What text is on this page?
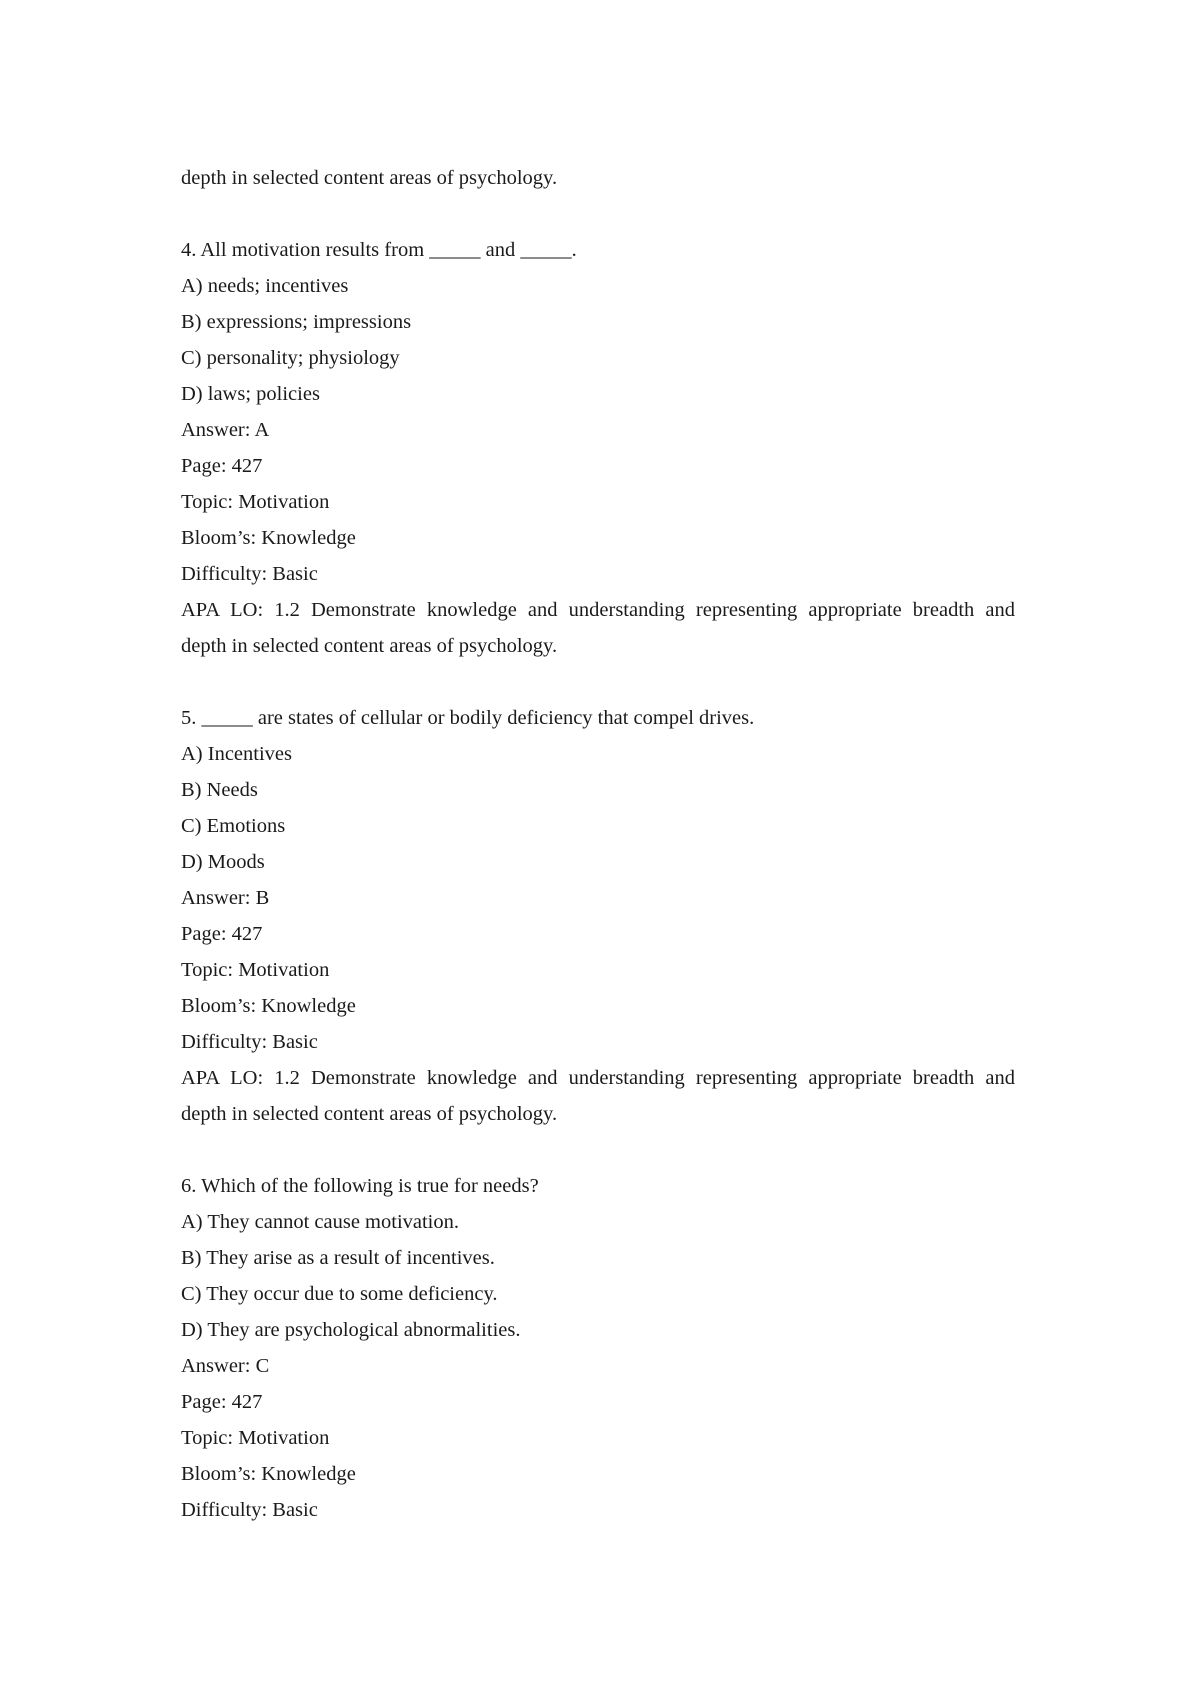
depth in selected content areas of psychology.
4. All motivation results from _____ and _____.
A) needs; incentives
B) expressions; impressions
C) personality; physiology
D) laws; policies
Answer: A
Page: 427
Topic: Motivation
Bloom’s: Knowledge
Difficulty: Basic
APA LO: 1.2 Demonstrate knowledge and understanding representing appropriate breadth and
depth in selected content areas of psychology.
5. _____ are states of cellular or bodily deficiency that compel drives.
A) Incentives
B) Needs
C) Emotions
D) Moods
Answer: B
Page: 427
Topic: Motivation
Bloom’s: Knowledge
Difficulty: Basic
APA LO: 1.2 Demonstrate knowledge and understanding representing appropriate breadth and
depth in selected content areas of psychology.
6. Which of the following is true for needs?
A) They cannot cause motivation.
B) They arise as a result of incentives.
C) They occur due to some deficiency.
D) They are psychological abnormalities.
Answer: C
Page: 427
Topic: Motivation
Bloom’s: Knowledge
Difficulty: Basic
